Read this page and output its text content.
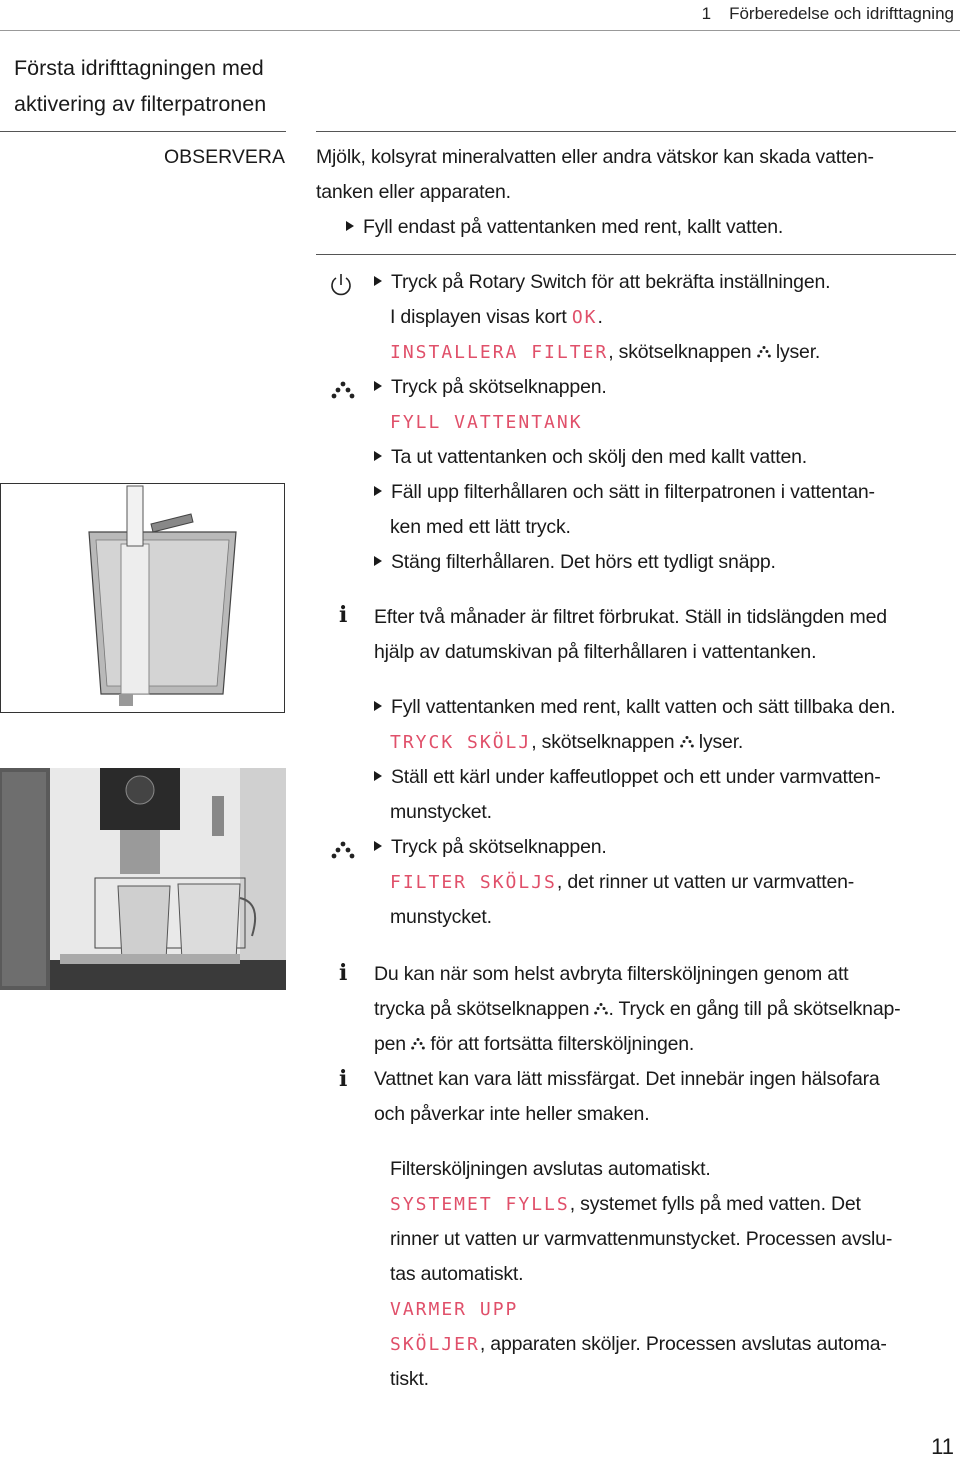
1 Förberedelse och idrifttagning
Första idrifttagningen med
aktivering av filterpatronen
OBSERVERA Mjölk, kolsyrat mineralvatten eller andra vätskor kan skada vatten-
tanken eller apparaten.
Fyll endast på vattentanken med rent, kallt vatten.
Tryck på Rotary Switch för att bekräfta inställningen.
I displayen visas kort OK.
INSTALLERA FILTER, skötselknappen  lyser.
Tryck på skötselknappen.
FYLL VATTENTANK
Ta ut vattentanken och skölj den med kallt vatten.
Fäll upp filterhållaren och sätt in filterpatronen i vattentan-
ken med ett lätt tryck.
Stäng filterhållaren. Det hörs ett tydligt snäpp.
i Efter två månader är filtret förbrukat. Ställ in tidslängden med
hjälp av datumskivan på filterhållaren i vattentanken.
Fyll vattentanken med rent, kallt vatten och sätt tillbaka den.
TRYCK SKÖLJ, skötselknappen  lyser.
Ställ ett kärl under kaffeutloppet och ett under varmvatten-
munstycket.
Tryck på skötselknappen.
FILTER SKÖLJS, det rinner ut vatten ur varmvatten-
munstycket.
i Du kan när som helst avbryta filtersköljningen genom att
trycka på skötselknappen . Tryck en gång till på skötselknap-
pen  för att fortsätta filtersköljningen.
i Vattnet kan vara lätt missfärgat. Det innebär ingen hälsofara
och påverkar inte heller smaken.
Filtersköljningen avslutas automatiskt.
SYSTEMET FYLLS, systemet fylls på med vatten. Det
rinner ut vatten ur varmvattenmunstycket. Processen avslu-
tas automatiskt.
VARMER UPP
SKÖLJER, apparaten sköljer. Processen avslutas automa-
tiskt.
11
